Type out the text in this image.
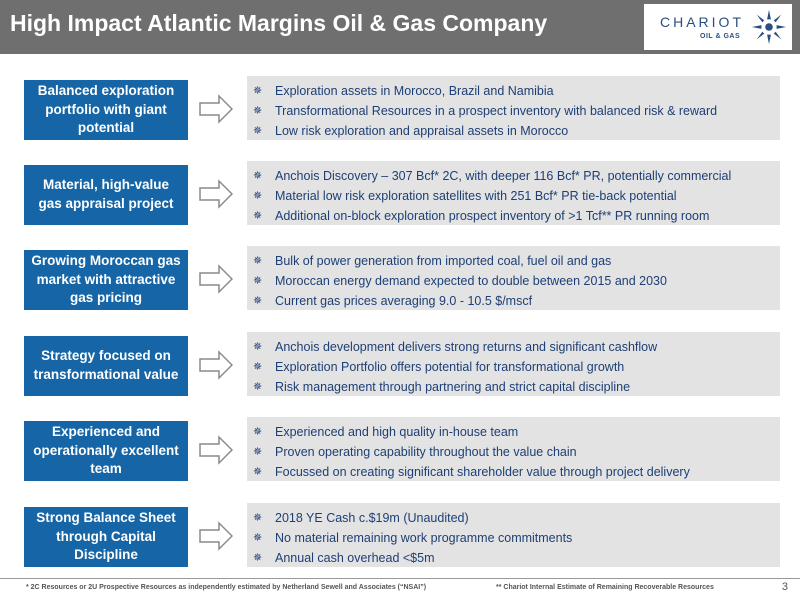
High Impact Atlantic Margins Oil & Gas Company	CHARIOT
OIL & GAS
Balanced exploration portfolio with giant potential
✵	Exploration assets in Morocco, Brazil and Namibia
✵	Transformational Resources in a prospect inventory with balanced risk & reward
✵	Low risk exploration and appraisal assets in Morocco
Material, high-value gas appraisal project
✵	Anchois Discovery – 307 Bcf* 2C, with deeper 116 Bcf* PR, potentially commercial
✵	Material low risk exploration satellites with 251 Bcf* PR tie-back potential
✵	Additional on-block exploration prospect inventory of >1 Tcf** PR running room
Growing Moroccan gas market with attractive gas pricing
✵	Bulk of power generation from imported coal, fuel oil and gas
✵	Moroccan energy demand expected to double between 2015 and 2030
✵	Current gas prices averaging 9.0 - 10.5 $/mscf
Strategy focused on transformational value
✵	Anchois development delivers strong returns and significant cashflow
✵	Exploration Portfolio offers potential for transformational growth
✵	Risk management through partnering and strict capital discipline
Experienced and operationally excellent team
✵	Experienced and high quality in-house team
✵	Proven operating capability throughout the value chain
✵	Focussed on creating significant shareholder value through project delivery
Strong Balance Sheet through Capital Discipline
✵	2018 YE Cash c.$19m (Unaudited)
✵	No material remaining work programme commitments
✵	Annual cash overhead <$5m
* 2C Resources or 2U Prospective Resources as independently estimated by Netherland Sewell and Associates (“NSAI”)	** Chariot Internal Estimate of Remaining Recoverable Resources	3
